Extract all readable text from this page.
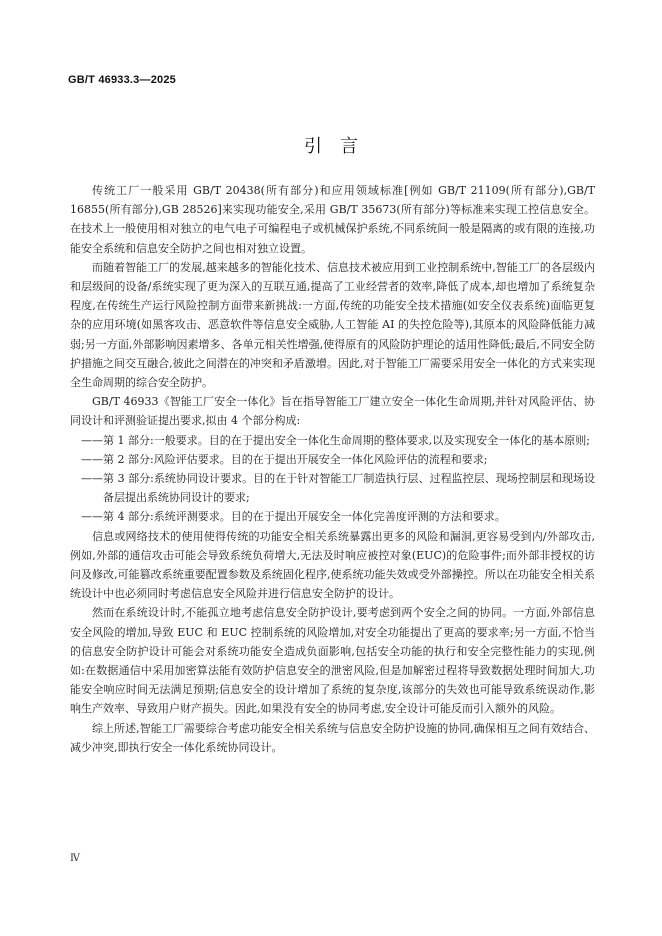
GB/T 46933.3—2025
引言

传统工厂一般采用 GB/T 20438(所有部分)和应用领域标准[例如 GB/T 21109(所有部分),GB/T 16855(所有部分),GB 28526]来实现功能安全,采用 GB/T 35673(所有部分)等标准来实现工控信息安全。在技术上一般使用相对独立的电气电子可编程电子或机械保护系统,不同系统间一般是隔离的或有限的连接,功能安全系统和信息安全防护之间也相对独立设置。

而随着智能工厂的发展,越来越多的智能化技术、信息技术被应用到工业控制系统中,智能工厂的各层级内和层级间的设备/系统实现了更为深入的互联互通,提高了工业经营者的效率,降低了成本,却也增加了系统复杂程度,在传统生产运行风险控制方面带来新挑战:一方面,传统的功能安全技术措施(如安全仪表系统)面临更复杂的应用环境(如黑客攻击、恶意软件等信息安全威胁,人工智能 AI 的失控危险等),其原本的风险降低能力减弱;另一方面,外部影响因素增多、各单元相关性增强,使得原有的风险防护理论的适用性降低;最后,不同安全防护措施之间交互融合,彼此之间潜在的冲突和矛盾激增。因此,对于智能工厂需要采用安全一体化的方式来实现全生命周期的综合安全防护。

GB/T 46933《智能工厂安全一体化》旨在指导智能工厂建立安全一体化生命周期,并针对风险评估、协同设计和评测验证提出要求,拟由 4 个部分构成:

——第 1 部分:一般要求。目的在于提出安全一体化生命周期的整体要求,以及实现安全一体化的基本原则;
——第 2 部分:风险评估要求。目的在于提出开展安全一体化风险评估的流程和要求;
——第 3 部分:系统协同设计要求。目的在于针对智能工厂制造执行层、过程监控层、现场控制层和现场设备层提出系统协同设计的要求;
——第 4 部分:系统评测要求。目的在于提出开展安全一体化完善度评测的方法和要求。

信息或网络技术的使用使得传统的功能安全相关系统暴露出更多的风险和漏洞,更容易受到内/外部攻击,例如,外部的通信攻击可能会导致系统负荷增大,无法及时响应被控对象(EUC)的危险事件;而外部非授权的访问及修改,可能篡改系统重要配置参数及系统固化程序,使系统功能失效或受外部操控。所以在功能安全相关系统设计中也必须同时考虑信息安全风险并进行信息安全防护的设计。

然而在系统设计时,不能孤立地考虑信息安全防护设计,要考虑到两个安全之间的协同。一方面,外部信息安全风险的增加,导致 EUC 和 EUC 控制系统的风险增加,对安全功能提出了更高的要求率;另一方面,不恰当的信息安全防护设计可能会对系统功能安全造成负面影响,包括安全功能的执行和安全完整性能力的实现,例如:在数据通信中采用加密算法能有效防护信息安全的泄密风险,但是加解密过程将导致数据处理时间加大,功能安全响应时间无法满足预期;信息安全的设计增加了系统的复杂度,该部分的失效也可能导致系统误动作,影响生产效率、导致用户财产损失。因此,如果没有安全的协同考虑,安全设计可能反而引入额外的风险。

综上所述,智能工厂需要综合考虑功能安全相关系统与信息安全防护设施的协同,确保相互之间有效结合、减少冲突,即执行安全一体化系统协同设计。

Ⅳ
